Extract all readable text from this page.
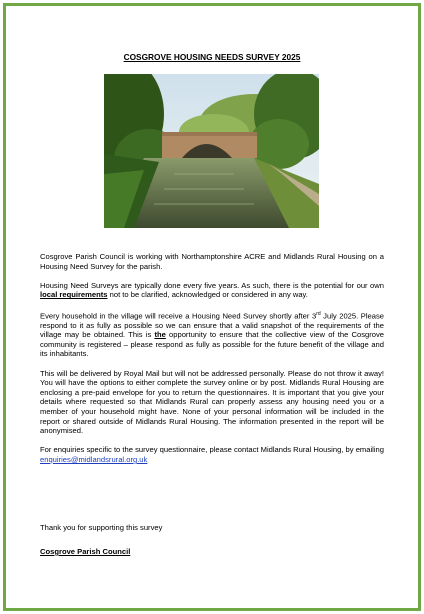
COSGROVE HOUSING NEEDS SURVEY 2025

Cosgrove Parish Council is working with Northamptonshire ACRE and Midlands Rural Housing on a Housing Need Survey for the parish.

Housing Need Surveys are typically done every five years. As such, there is the potential for our own local requirements not to be clarified, acknowledged or considered in any way.

Every household in the village will receive a Housing Need Survey shortly after 3rd July 2025. Please respond to it as fully as possible so we can ensure that a valid snapshot of the requirements of the village may be obtained. This is the opportunity to ensure that the collective view of the Cosgrove community is registered – please respond as fully as possible for the future benefit of the village and its inhabitants.

This will be delivered by Royal Mail but will not be addressed personally. Please do not throw it away! You will have the options to either complete the survey online or by post. Midlands Rural Housing are enclosing a pre-paid envelope for you to return the questionnaires. It is important that you give your details where requested so that Midlands Rural can properly assess any housing need you or a member of your household might have. None of your personal information will be included in the report or shared outside of Midlands Rural Housing. The information presented in the report will be anonymised.

For enquiries specific to the survey questionnaire, please contact Midlands Rural Housing, by emailing enquiries@midlandsrural.org.uk

Thank you for supporting this survey
Cosgrove Parish Council
